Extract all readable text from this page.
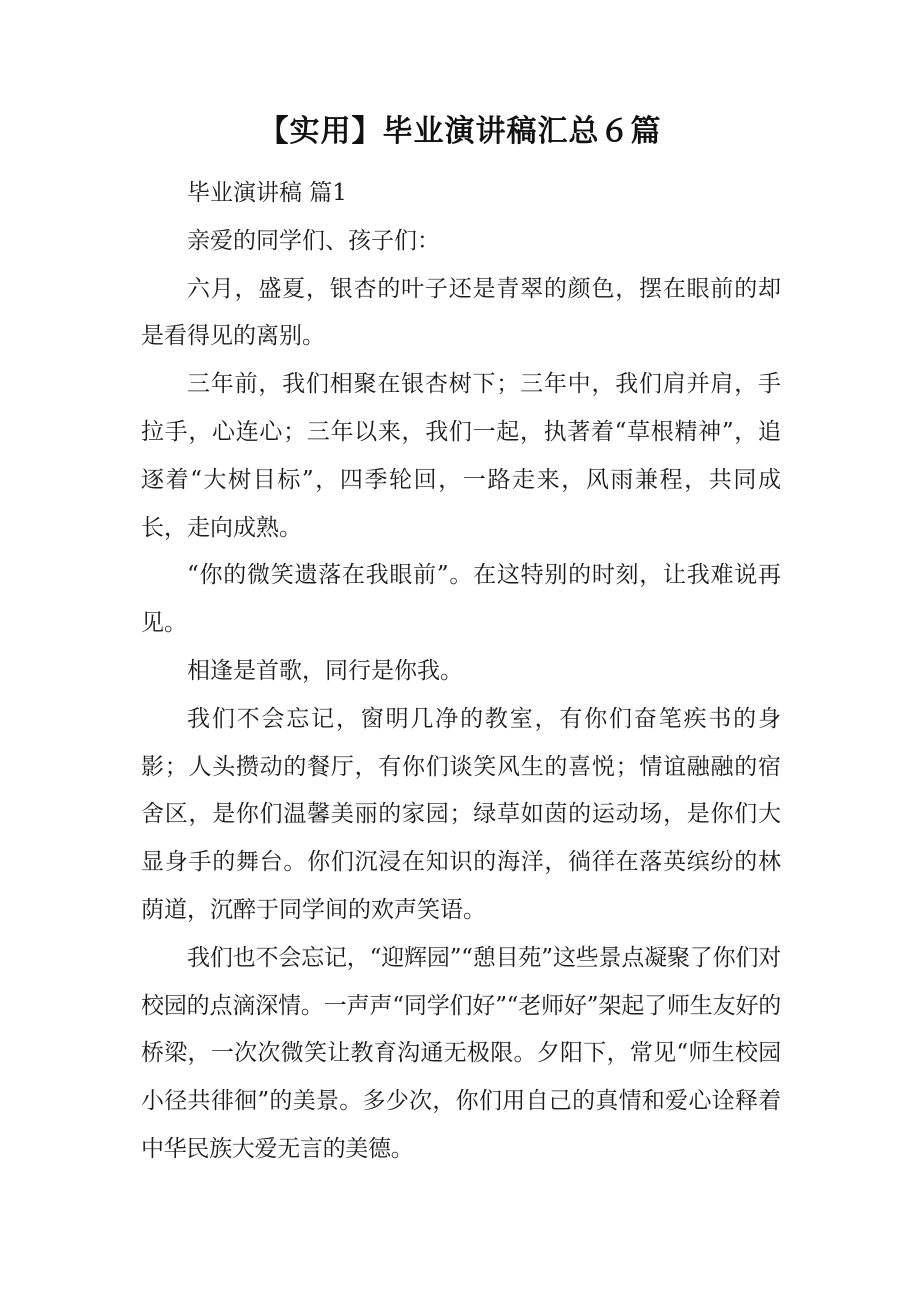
【实用】毕业演讲稿汇总６篇

毕业演讲稿 篇1

亲爱的同学们、孩子们：

六月，盛夏，银杏的叶子还是青翠的颜色，摆在眼前的却是看得见的离别。

三年前，我们相聚在银杏树下；三年中，我们肩并肩，手拉手，心连心；三年以来，我们一起，执著着“草根精神”，追逐着“大树目标”，四季轮回，一路走来，风雨兼程，共同成长，走向成熟。

“你的微笑遗落在我眼前”。在这特别的时刻，让我难说再见。

相逢是首歌，同行是你我。

我们不会忘记，窗明几净的教室，有你们奋笔疾书的身影；人头攒动的餐厅，有你们谈笑风生的喜悦；情谊融融的宿舍区，是你们温馨美丽的家园；绿草如茵的运动场，是你们大显身手的舞台。你们沉浸在知识的海洋，徜徉在落英缤纷的林荫道，沉醉于同学间的欢声笑语。

我们也不会忘记，“迎辉园”“憩目苑”这些景点凝聚了你们对校园的点滴深情。一声声“同学们好”“老师好”架起了师生友好的桥梁，一次次微笑让教育沟通无极限。夕阳下，常见“师生校园小径共徘徊”的美景。多少次，你们用自己的真情和爱心诠释着中华民族大爱无言的美德。
